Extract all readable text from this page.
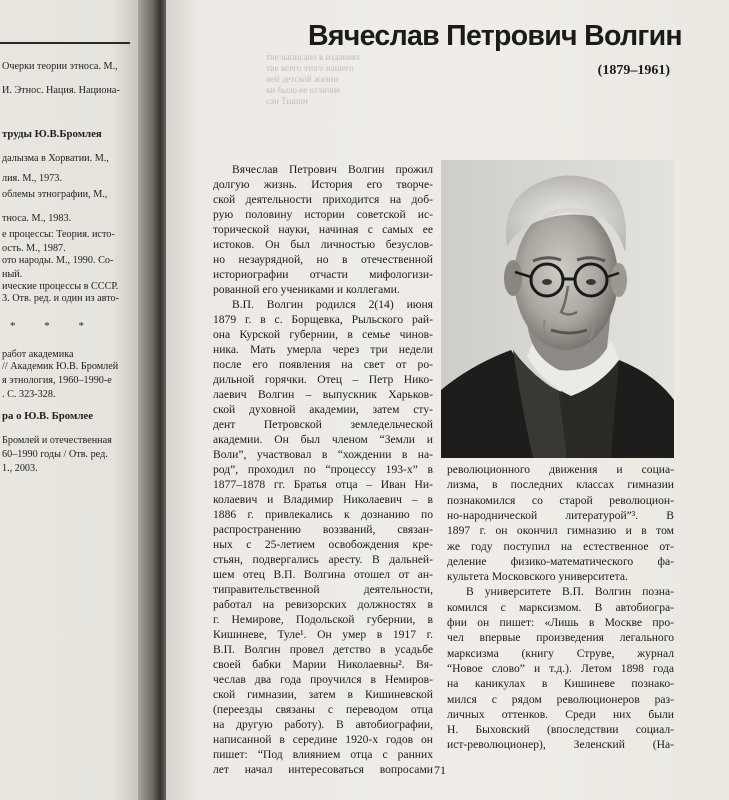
Очерки теории этноса. М.,
И. Этнос. Нация. Национа-
труды Ю.В.Бромлея
далызма в Хорватии. М.,
лия. М., 1973.
облемы этнографии, М.,
тноса. М., 1983.
е процессы: Теория. исто-
ость. М., 1987.
ото народы. М., 1990. Со-
ный.
ические процессы в СССР.
3. Отв. ред. и один из авто-
* * *
работ академика
// Академик Ю.В. Бромлей
я этнология, 1960–1990-е
. С. 323-328.
ра о Ю.В. Бромлее
Бромлей и отечественная
60–1990 годы / Отв. ред.
1., 2003.
тие написано в изданиях
тие всего этого нашего
ней детской жизни
ки было ее отличие
сан Тишин
Вячеслав Петрович Волгин
(1879–1961)
Вячеслав Петрович Волгин прожил
долгую жизнь. История его творче-
ской деятельности приходится на доб-
рую половину истории советской ис-
торической науки, начиная с самых ее
истоков. Он был личностью безуслов-
но незаурядной, но в отечественной
историографии отчасти мифологизи-
рованной его учениками и коллегами.
В.П. Волгин родился 2(14) июня
1879 г. в с. Борщевка, Рыльского рай-
она Курской губернии, в семье чинов-
ника. Мать умерла через три недели
после его появления на свет от ро-
дильной горячки. Отец – Петр Нико-
лаевич Волгин – выпускник Харьков-
ской духовной академии, затем сту-
дент Петровской земледельческой
академии. Он был членом “Земли и
Воли”, участвовал в “хождении в на-
род”, проходил по “процессу 193-х” в
1877–1878 гг. Братья отца – Иван Ни-
колаевич и Владимир Николаевич – в
1886 г. привлекались к дознанию по
распространению воззваний, связан-
ных с 25-летием освобождения кре-
стьян, подвергались аресту. В дальней-
шем отец В.П. Волгина отошел от ан-
типравительственной деятельности,
работал на ревизорских должностях в
г. Немирове, Подольской губернии, в
Кишиневе, Туле¹. Он умер в 1917 г.
В.П. Волгин провел детство в усадьбе
своей бабки Марии Николаевны². Вя-
чеслав два года проучился в Немиров-
ской гимназии, затем в Кишиневской
(переезды связаны с переводом отца
на другую работу). В автобиографии,
написанной в середине 1920-х годов он
пишет: “Под влиянием отца с ранних
лет начал интересоваться вопросами
революционного движения и социа-
лизма, в последних классах гимназии
познакомился со старой революцион-
но-народнической литературой”³. В
1897 г. он окончил гимназию и в том
же году поступил на естественное от-
деление физико-математического фа-
культета Московского университета.
В университете В.П. Волгин позна-
комился с марксизмом. В автобиогра-
фии он пишет: «Лишь в Москве про-
чел впервые произведения легального
марксизма (книгу Струве, журнал
“Новое слово” и т.д.). Летом 1898 года
на каникулах в Кишиневе познако-
мился с рядом революционеров раз-
личных оттенков. Среди них были
Н. Быховский (впоследствии социал-
ист-революционер), Зеленский (На-
71
